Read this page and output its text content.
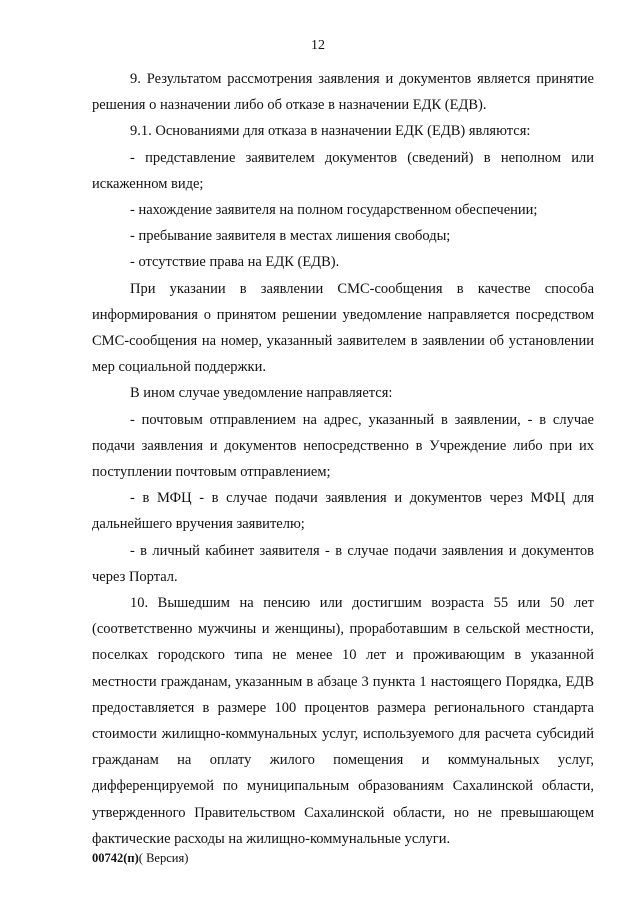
12

9. Результатом рассмотрения заявления и документов является принятие решения о назначении либо об отказе в назначении ЕДК (ЕДВ).

9.1. Основаниями для отказа в назначении ЕДК (ЕДВ) являются:

- представление заявителем документов (сведений) в неполном или искаженном виде;

- нахождение заявителя на полном государственном обеспечении;

- пребывание заявителя в местах лишения свободы;

- отсутствие права на ЕДК (ЕДВ).

При указании в заявлении СМС-сообщения в качестве способа информирования о принятом решении уведомление направляется посредством СМС-сообщения на номер, указанный заявителем в заявлении об установлении мер социальной поддержки.

В ином случае уведомление направляется:

- почтовым отправлением на адрес, указанный в заявлении, - в случае подачи заявления и документов непосредственно в Учреждение либо при их поступлении почтовым отправлением;

- в МФЦ - в случае подачи заявления и документов через МФЦ для дальнейшего вручения заявителю;

- в личный кабинет заявителя - в случае подачи заявления и документов через Портал.

10. Вышедшим на пенсию или достигшим возраста 55 или 50 лет (соответственно мужчины и женщины), проработавшим в сельской местности, поселках городского типа не менее 10 лет и проживающим в указанной местности гражданам, указанным в абзаце 3 пункта 1 настоящего Порядка, ЕДВ предоставляется в размере 100 процентов размера регионального стандарта стоимости жилищно-коммунальных услуг, используемого для расчета субсидий гражданам на оплату жилого помещения и коммунальных услуг, дифференцируемой по муниципальным образованиям Сахалинской области, утвержденного Правительством Сахалинской области, но не превышающем фактические расходы на жилищно-коммунальные услуги.

00742(п)( Версия)
